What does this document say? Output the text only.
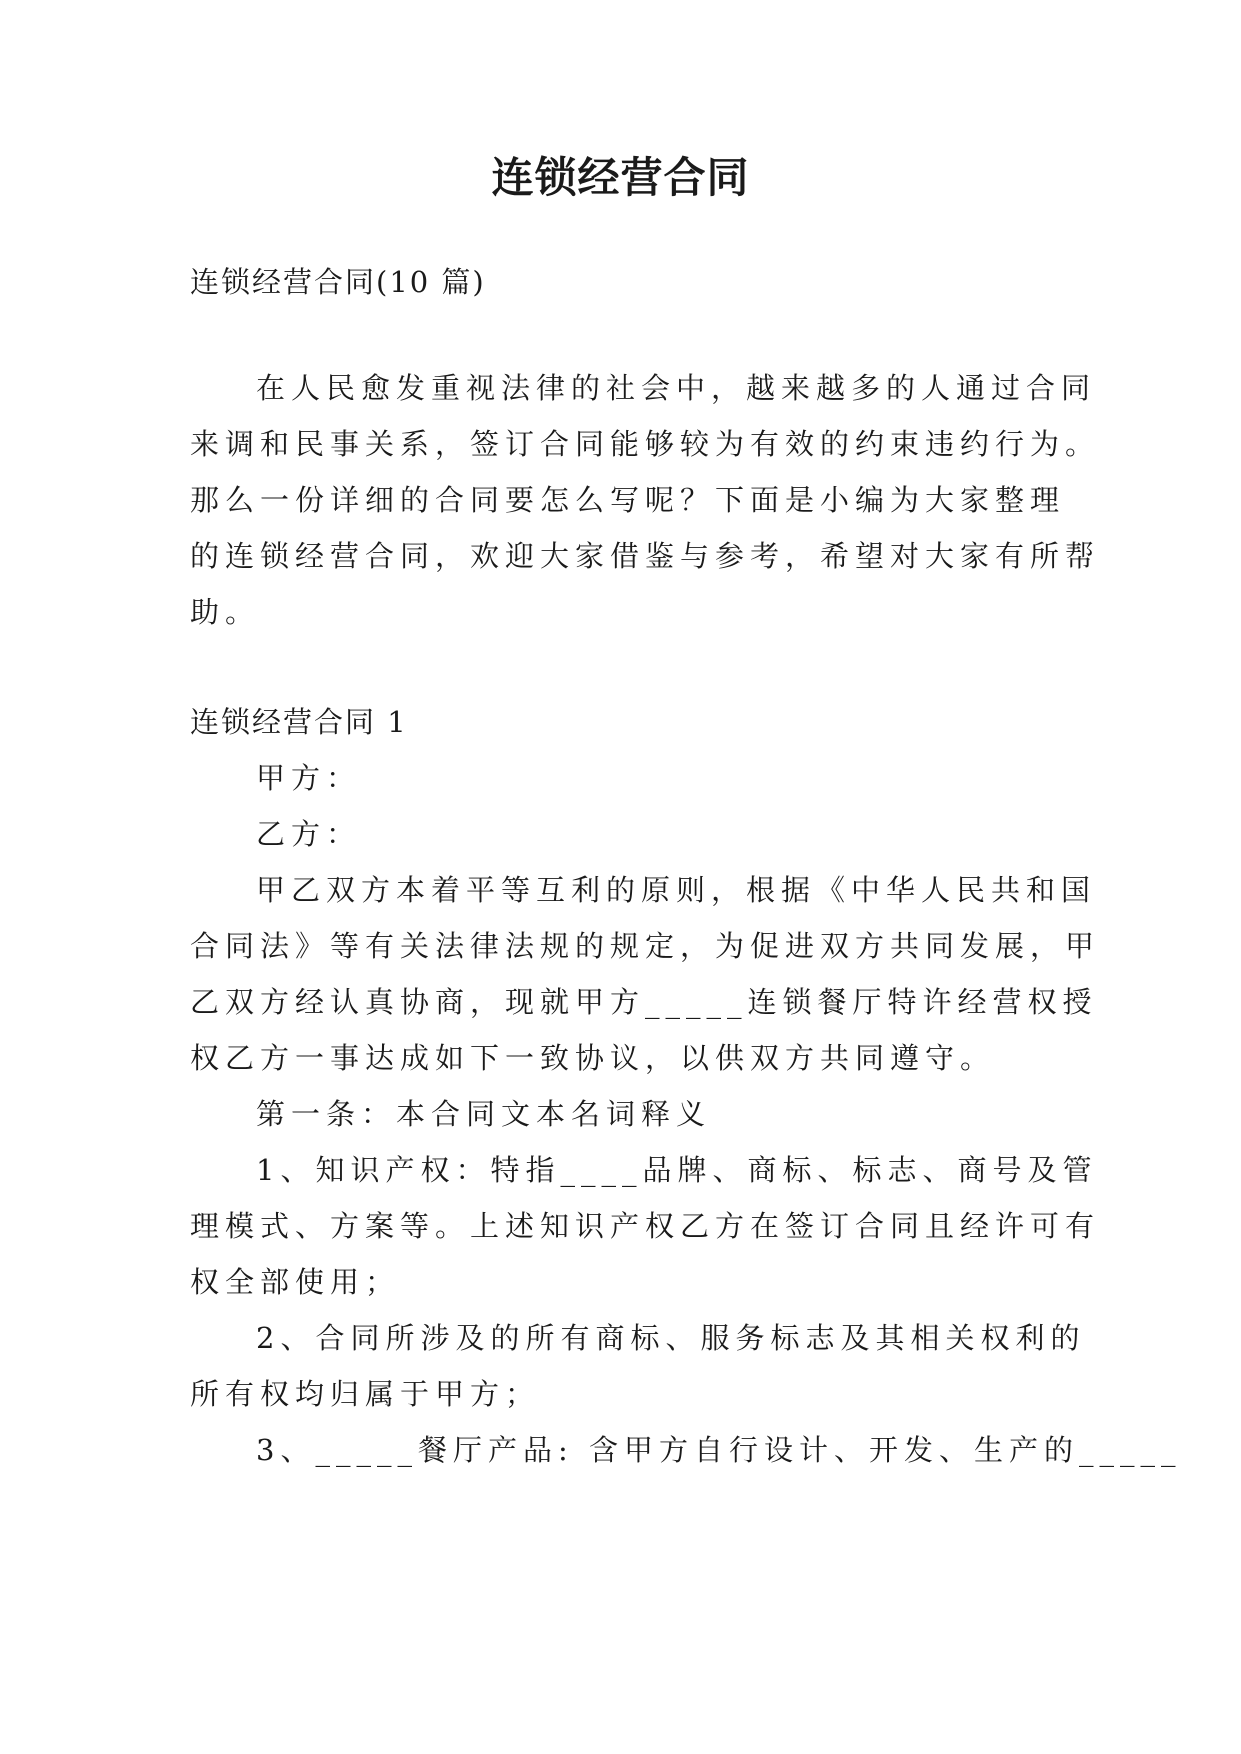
连锁经营合同
连锁经营合同(10 篇)
在人民愈发重视法律的社会中，越来越多的人通过合同
来调和民事关系，签订合同能够较为有效的约束违约行为。
那么一份详细的合同要怎么写呢？下面是小编为大家整理
的连锁经营合同，欢迎大家借鉴与参考，希望对大家有所帮
助。
连锁经营合同 1
甲方：
乙方：
甲乙双方本着平等互利的原则，根据《中华人民共和国
合同法》等有关法律法规的规定，为促进双方共同发展，甲
乙双方经认真协商，现就甲方_____连锁餐厅特许经营权授
权乙方一事达成如下一致协议，以供双方共同遵守。
第一条：本合同文本名词释义
1、知识产权：特指____品牌、商标、标志、商号及管
理模式、方案等。上述知识产权乙方在签订合同且经许可有
权全部使用；
2、合同所涉及的所有商标、服务标志及其相关权利的
所有权均归属于甲方；
3、_____餐厅产品: 含甲方自行设计、开发、生产的_____
